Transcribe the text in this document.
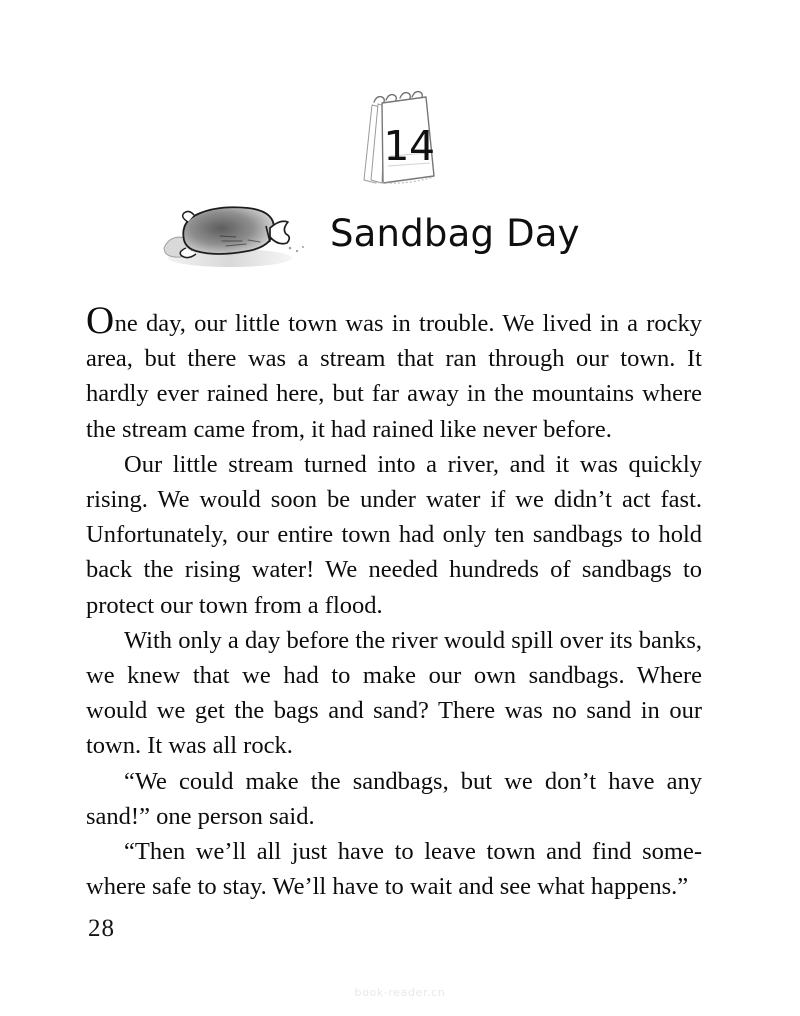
14
Sandbag Day

One day, our little town was in trouble. We lived in a rocky area, but there was a stream that ran through our town. It hardly ever rained here, but far away in the mountains where the stream came from, it had rained like never before.

Our little stream turned into a river, and it was quickly rising. We would soon be under water if we didn’t act fast. Unfortunately, our entire town had only ten sandbags to hold back the rising water! We needed hundreds of sandbags to protect our town from a flood.

With only a day before the river would spill over its banks, we knew that we had to make our own sandbags. Where would we get the bags and sand? There was no sand in our town. It was all rock.

“We could make the sandbags, but we don’t have any sand!” one person said.

“Then we’ll all just have to leave town and find somewhere safe to stay. We’ll have to wait and see what happens.”

28
book-reader.cn
